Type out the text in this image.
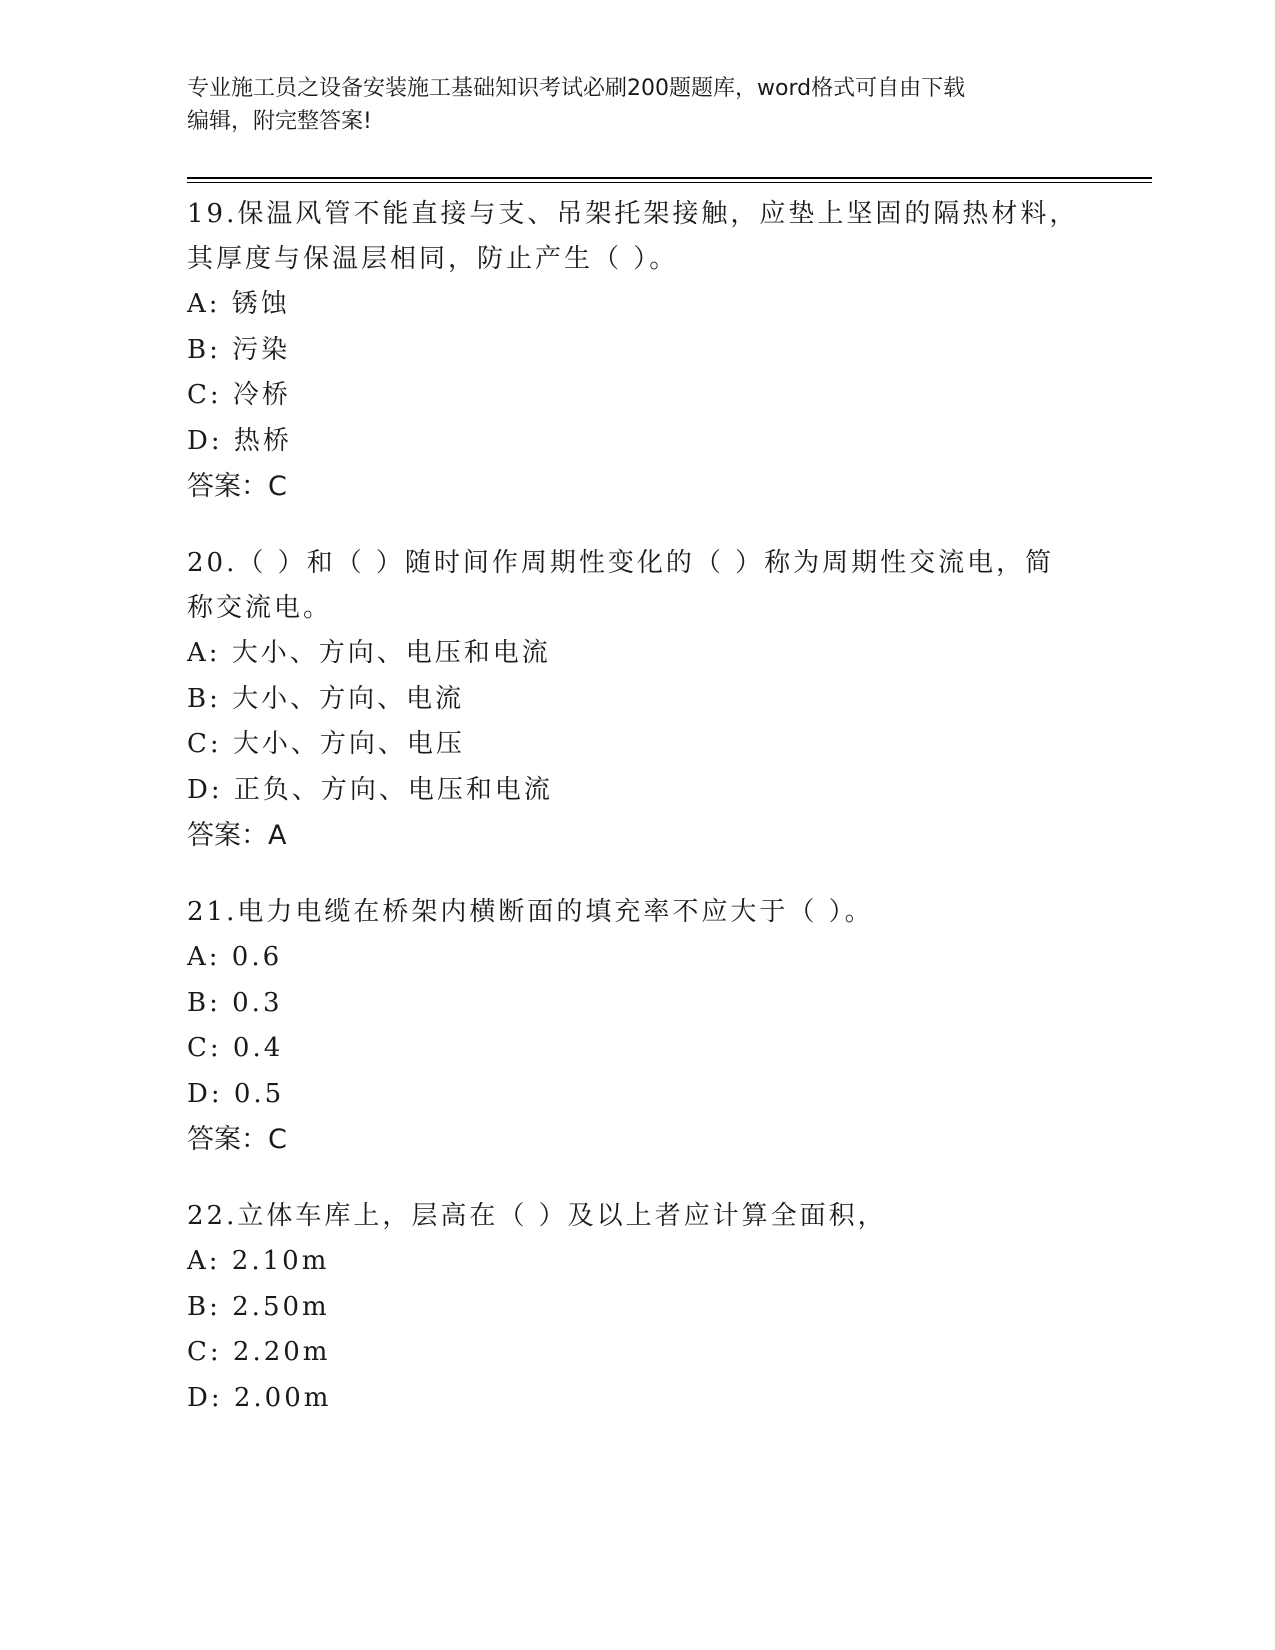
专业施工员之设备安装施工基础知识考试必刷200题题库，word格式可自由下载
编辑，附完整答案!
19.保温风管不能直接与支、吊架托架接触，应垫上坚固的隔热材料，
其厚度与保温层相同，防止产生（ ）。
A: 锈蚀
B: 污染
C: 冷桥
D: 热桥
答案：C
20.（ ）和（ ）随时间作周期性变化的（ ）称为周期性交流电，简
称交流电。
A: 大小、方向、电压和电流
B: 大小、方向、电流
C: 大小、方向、电压
D: 正负、方向、电压和电流
答案：A
21.电力电缆在桥架内横断面的填充率不应大于（ ）。
A: 0.6
B: 0.3
C: 0.4
D: 0.5
答案：C
22.立体车库上，层高在（ ）及以上者应计算全面积，
A: 2.10m
B: 2.50m
C: 2.20m
D: 2.00m
